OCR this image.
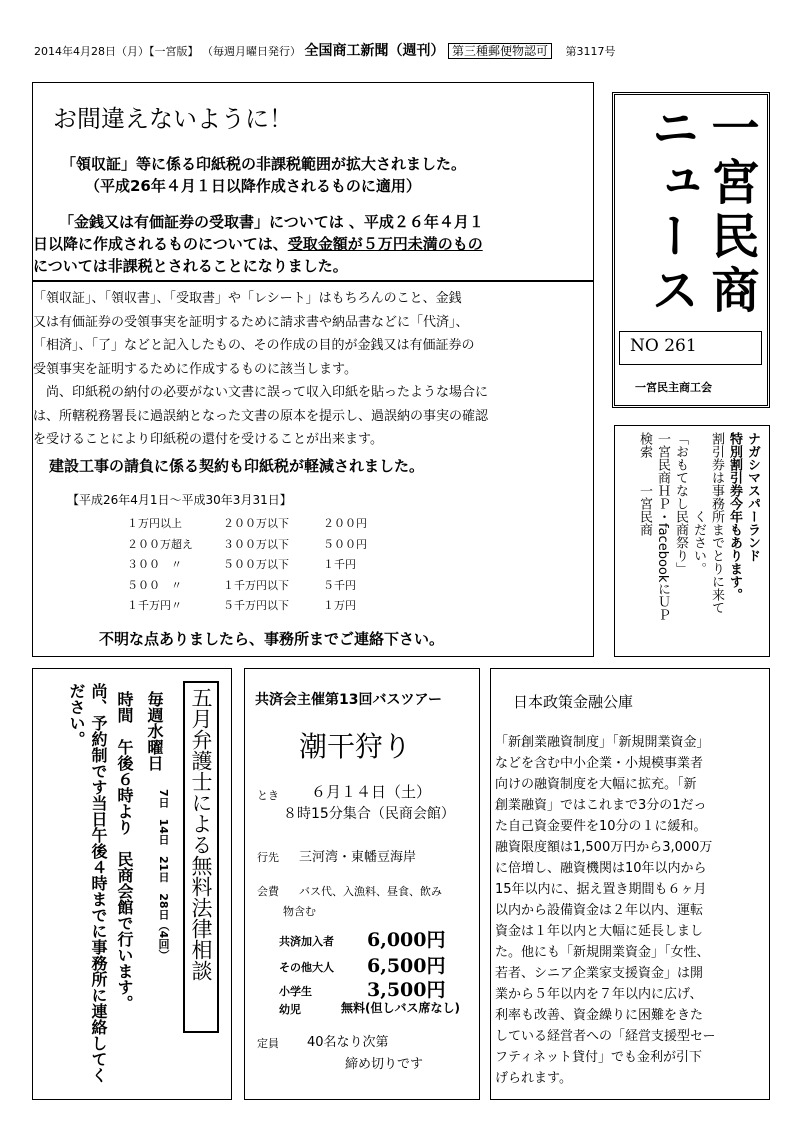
2014年4月28日（月）【一宮版】 （毎週月曜日発行） 全国商工新聞（週刊） 第三種郵便物認可 第3117号
お間違えないように！
「領収証」等に係る印紙税の非課税範囲が拡大されました。
（平成26年４月１日以降作成されるものに適用）
「金銭又は有価証券の受取書」については 、平成２６年４月１
日以降に作成されるものについては、受取金額が５万円未満のもの
については非課税とされることになりました。
「領収証」、「領収書」、「受取書」や「レシート」はもちろんのこと、金銭
又は有価証券の受領事実を証明するために請求書や納品書などに「代済」、
「相済」、「了」などと記入したもの、その作成の目的が金銭又は有価証券の
受領事実を証明するために作成するものに該当します。
　尚、印紙税の納付の必要がない文書に誤って収入印紙を貼ったような場合に
は、所轄税務署長に過誤納となった文書の原本を提示し、過誤納の事実の確認
を受けることにより印紙税の還付を受けることが出来ます。
建設工事の請負に係る契約も印紙税が軽減されました。
【平成26年4月1日～平成30年3月31日】
１万円以上	２００万以下	２００円
２００万超え	３００万以下	５００円
３００　〃	５００万以下	１千円
５００　〃	１千万円以下	５千円
１千万円〃	５千万円以下	１万円
不明な点ありましたら、事務所までご連絡下さい。
一宮民商
ニュース
NO 261
一宮民主商工会
ナガシマスパーランド
特別割引券今年もあります。
割引券は事務所までとりに来て
　　　　　　ください。
「おもてなし民商祭り」
一宮民商ＨＰ・facebookにＵＰ
検索　　一宮民商
五月弁護士による無料法律相談
毎週水曜日
7日　14日　21日　28日（4回）
時間　午後６時より　民商会館で行います。
尚、予約制です当日午後４時までに事務所に連絡してく
ださい。	共済会主催第13回バスツアー
潮干狩り
とき ６月１４日（土）
８時15分集合（民商会館）
行先 三河湾・東幡豆海岸
会費 バス代、入漁料、昼食、飲み
物含む
共済加入者 6,000円
その他大人 6,500円
小学生	3,500円
幼児	無料(但しバス席なし)
定員 40名なり次第
締め切りです
日本政策金融公庫
「新創業融資制度」「新規開業資金」
などを含む中小企業・小規模事業者
向けの融資制度を大幅に拡充。「新
創業融資」ではこれまで3分の1だっ
た自己資金要件を10分の１に緩和。
融資限度額は1,500万円から3,000万
に倍増し、融資機関は10年以内から
15年以内に、据え置き期間も６ヶ月
以内から設備資金は２年以内、運転
資金は１年以内と大幅に延長しまし
た。他にも「新規開業資金」「女性、
若者、シニア企業家支援資金」は開
業から５年以内を７年以内に広げ、
利率も改善、資金繰りに困難をきた
している経営者への「経営支援型セー
フティネット貸付」でも金利が引下
げられます。
